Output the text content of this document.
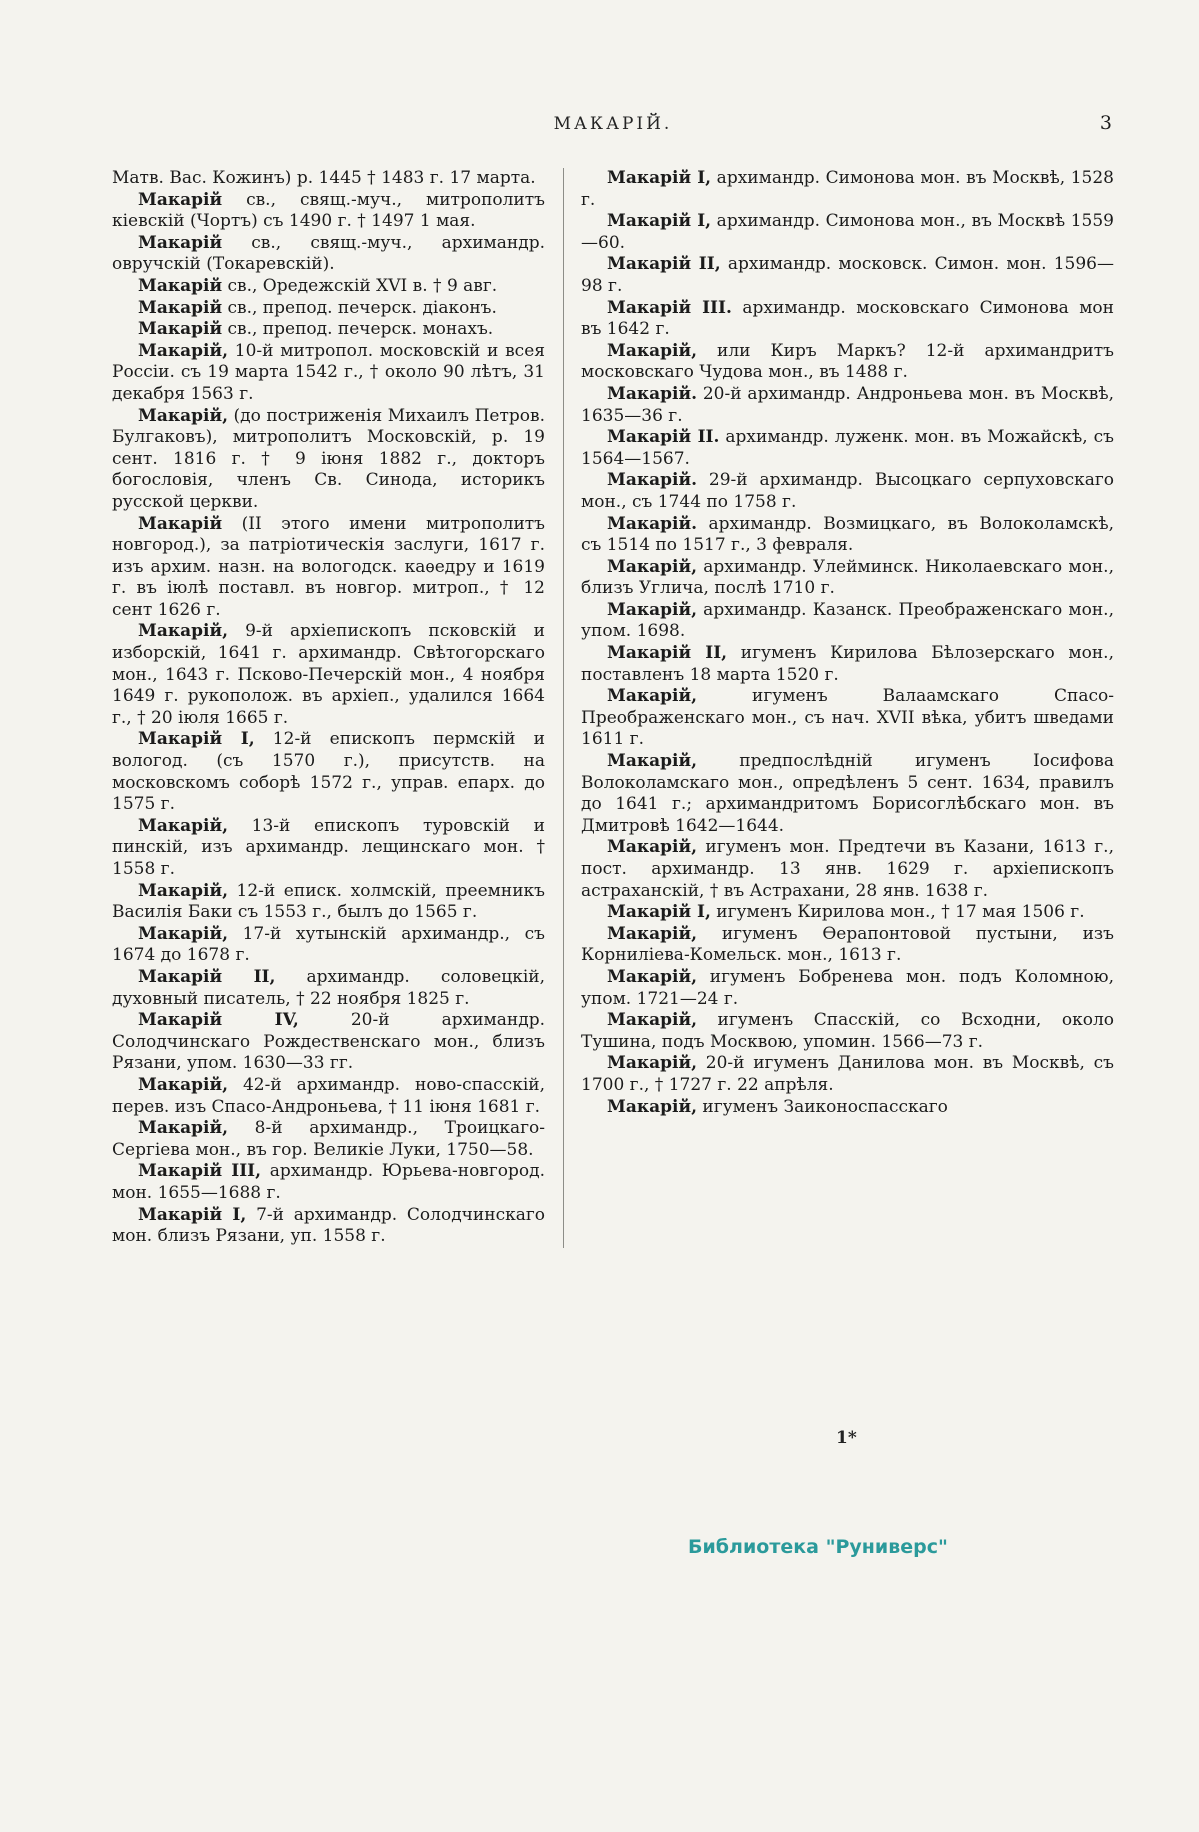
МАКАРІЙ.	3

Матв. Вас. Кожинъ) р. 1445 † 1483 г. 17 марта.

Макарій св., свящ.-муч., митрополитъ кіевскій (Чортъ) съ 1490 г. † 1497 1 мая.

Макарій св., свящ.-муч., архимандр. овручскій (Токаревскій).

Макарій св., Оредежскій XVI в. † 9 авг.

Макарій св., препод. печерск. діаконъ.

Макарій св., препод. печерск. монахъ.

Макарій, 10-й митропол. московскій и всея Россіи. съ 19 марта 1542 г., † около 90 лѣтъ, 31 декабря 1563 г.

Макарій, (до постриженія Михаилъ Петров. Булгаковъ), митрополитъ Московскій, р. 19 сент. 1816 г. † 9 іюня 1882 г., докторъ богословія, членъ Св. Синода, историкъ русской церкви.

Макарій (II этого имени митрополитъ новгород.), за патріотическія заслуги, 1617 г. изъ архим. назн. на вологодск. каѳедру и 1619 г. въ іюлѣ поставл. въ новгор. митроп., † 12 сент 1626 г.

Макарій, 9-й архіепископъ псковскій и изборскій, 1641 г. архимандр. Свѣтогорскаго мон., 1643 г. Псково-Печерскій мон., 4 ноября 1649 г. рукополож. въ архіеп., удалился 1664 г., † 20 іюля 1665 г.

Макарій I, 12-й епископъ пермскій и вологод. (съ 1570 г.), присутств. на московскомъ соборѣ 1572 г., управ. епарх. до 1575 г.

Макарій, 13-й епископъ туровскій и пинскій, изъ архимандр. лещинскаго мон. † 1558 г.

Макарій, 12-й еписк. холмскій, преемникъ Василія Баки съ 1553 г., былъ до 1565 г.

Макарій, 17-й хутынскій архимандр., съ 1674 до 1678 г.

Макарій II, архимандр. соловецкій, духовный писатель, † 22 ноября 1825 г.

Макарій IV, 20-й архимандр. Солодчинскаго Рождественскаго мон., близъ Рязани, упом. 1630—33 гг.

Макарій, 42-й архимандр. ново-спасскій, перев. изъ Спасо-Андроньева, † 11 іюня 1681 г.

Макарій, 8-й архимандр., Троицкаго-Сергіева мон., въ гор. Великіе Луки, 1750—58.

Макарій III, архимандр. Юрьева-новгород. мон. 1655—1688 г.

Макарій I, 7-й архимандр. Солодчинскаго мон. близъ Рязани, уп. 1558 г.

Макарій I, архимандр. Симонова мон. въ Москвѣ, 1528 г.

Макарій I, архимандр. Симонова мон., въ Москвѣ 1559—60.

Макарій II, архимандр. московск. Симон. мон. 1596—98 г.

Макарій III. архимандр. московскаго Симонова мон въ 1642 г.

Макарій, или Киръ Маркъ? 12-й архимандритъ московскаго Чудова мон., въ 1488 г.

Макарій. 20-й архимандр. Андроньева мон. въ Москвѣ, 1635—36 г.

Макарій II. архимандр. луженк. мон. въ Можайскѣ, съ 1564—1567.

Макарій. 29-й архимандр. Высоцкаго серпуховскаго мон., съ 1744 по 1758 г.

Макарій. архимандр. Возмицкаго, въ Волоколамскѣ, съ 1514 по 1517 г., 3 февраля.

Макарій, архимандр. Улейминск. Николаевскаго мон., близъ Углича, послѣ 1710 г.

Макарій, архимандр. Казанск. Преображенскаго мон., упом. 1698.

Макарій II, игуменъ Кирилова Бѣлозерскаго мон., поставленъ 18 марта 1520 г.

Макарій, игуменъ Валаамскаго Спасо-Преображенскаго мон., съ нач. XVII вѣка, убитъ шведами 1611 г.

Макарій, предпослѣдній игуменъ Іосифова Волоколамскаго мон., опредѣленъ 5 сент. 1634, правилъ до 1641 г.; архимандритомъ Борисоглѣбскаго мон. въ Дмитровѣ 1642—1644.

Макарій, игуменъ мон. Предтечи въ Казани, 1613 г., пост. архимандр. 13 янв. 1629 г. архіепископъ астраханскій, † въ Астрахани, 28 янв. 1638 г.

Макарій I, игуменъ Кирилова мон., † 17 мая 1506 г.

Макарій, игуменъ Ѳерапонтовой пустыни, изъ Корниліева-Комельск. мон., 1613 г.

Макарій, игуменъ Бобренева мон. подъ Коломною, упом. 1721—24 г.

Макарій, игуменъ Спасскій, со Всходни, около Тушина, подъ Москвою, упомин. 1566—73 г.

Макарій, 20-й игуменъ Данилова мон. въ Москвѣ, съ 1700 г., † 1727 г. 22 апрѣля.

Макарій, игуменъ Заиконоспасскаго

1*
Библиотека "Руниверс"
